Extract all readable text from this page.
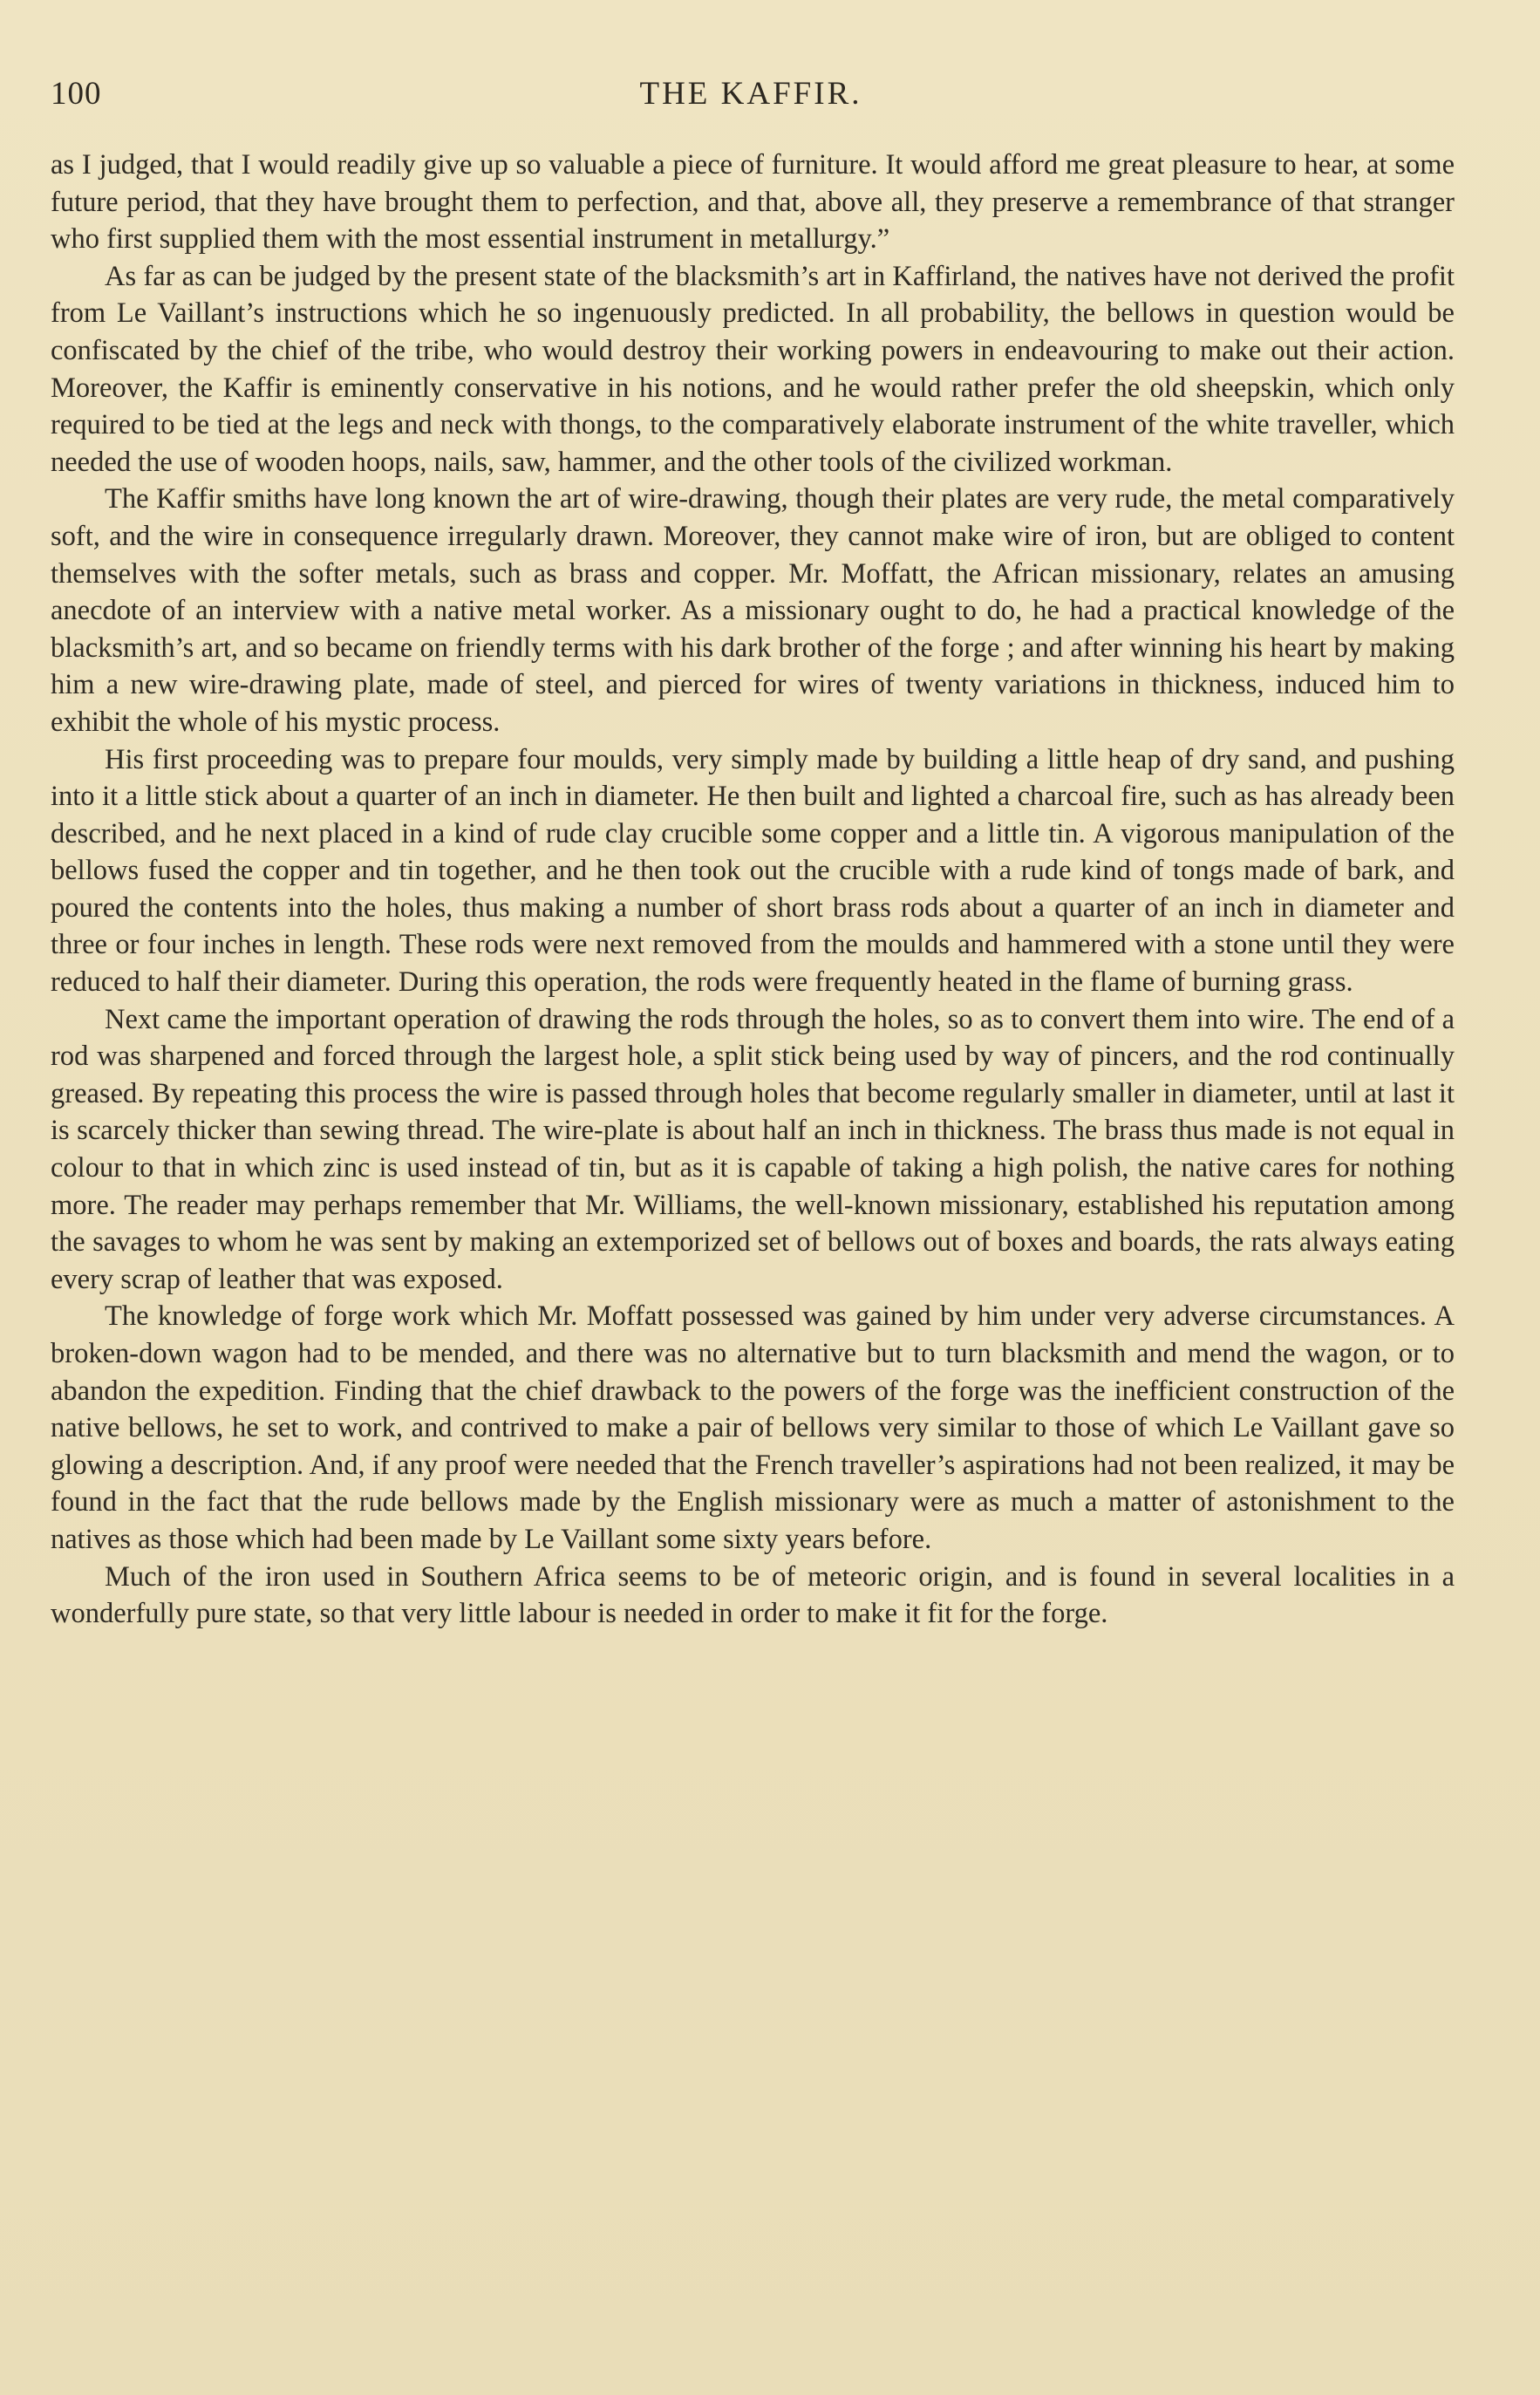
100	THE KAFFIR.

as I judged, that I would readily give up so valuable a piece of furniture. It would afford me great pleasure to hear, at some future period, that they have brought them to perfection, and that, above all, they preserve a remembrance of that stranger who first supplied them with the most essential instrument in metallurgy.”

As far as can be judged by the present state of the blacksmith’s art in Kaffirland, the natives have not derived the profit from Le Vaillant’s instructions which he so ingenuously predicted. In all probability, the bellows in question would be confiscated by the chief of the tribe, who would destroy their working powers in endeavouring to make out their action. Moreover, the Kaffir is eminently conservative in his notions, and he would rather prefer the old sheepskin, which only required to be tied at the legs and neck with thongs, to the comparatively elaborate instrument of the white traveller, which needed the use of wooden hoops, nails, saw, hammer, and the other tools of the civilized workman.

The Kaffir smiths have long known the art of wire-drawing, though their plates are very rude, the metal comparatively soft, and the wire in consequence irregularly drawn. Moreover, they cannot make wire of iron, but are obliged to content themselves with the softer metals, such as brass and copper. Mr. Moffatt, the African missionary, relates an amusing anecdote of an interview with a native metal worker. As a missionary ought to do, he had a practical knowledge of the blacksmith’s art, and so became on friendly terms with his dark brother of the forge ; and after winning his heart by making him a new wire-drawing plate, made of steel, and pierced for wires of twenty variations in thickness, induced him to exhibit the whole of his mystic process.

His first proceeding was to prepare four moulds, very simply made by building a little heap of dry sand, and pushing into it a little stick about a quarter of an inch in diameter. He then built and lighted a charcoal fire, such as has already been described, and he next placed in a kind of rude clay crucible some copper and a little tin. A vigorous manipulation of the bellows fused the copper and tin together, and he then took out the crucible with a rude kind of tongs made of bark, and poured the contents into the holes, thus making a number of short brass rods about a quarter of an inch in diameter and three or four inches in length. These rods were next removed from the moulds and hammered with a stone until they were reduced to half their diameter. During this operation, the rods were frequently heated in the flame of burning grass.

Next came the important operation of drawing the rods through the holes, so as to convert them into wire. The end of a rod was sharpened and forced through the largest hole, a split stick being used by way of pincers, and the rod continually greased. By repeating this process the wire is passed through holes that become regularly smaller in diameter, until at last it is scarcely thicker than sewing thread. The wire-plate is about half an inch in thickness. The brass thus made is not equal in colour to that in which zinc is used instead of tin, but as it is capable of taking a high polish, the native cares for nothing more. The reader may perhaps remember that Mr. Williams, the well-known missionary, established his reputation among the savages to whom he was sent by making an extemporized set of bellows out of boxes and boards, the rats always eating every scrap of leather that was exposed.

The knowledge of forge work which Mr. Moffatt possessed was gained by him under very adverse circumstances. A broken-down wagon had to be mended, and there was no alternative but to turn blacksmith and mend the wagon, or to abandon the expedition. Finding that the chief drawback to the powers of the forge was the inefficient construction of the native bellows, he set to work, and contrived to make a pair of bellows very similar to those of which Le Vaillant gave so glowing a description. And, if any proof were needed that the French traveller’s aspirations had not been realized, it may be found in the fact that the rude bellows made by the English missionary were as much a matter of astonishment to the natives as those which had been made by Le Vaillant some sixty years before.

Much of the iron used in Southern Africa seems to be of meteoric origin, and is found in several localities in a wonderfully pure state, so that very little labour is needed in order to make it fit for the forge.
